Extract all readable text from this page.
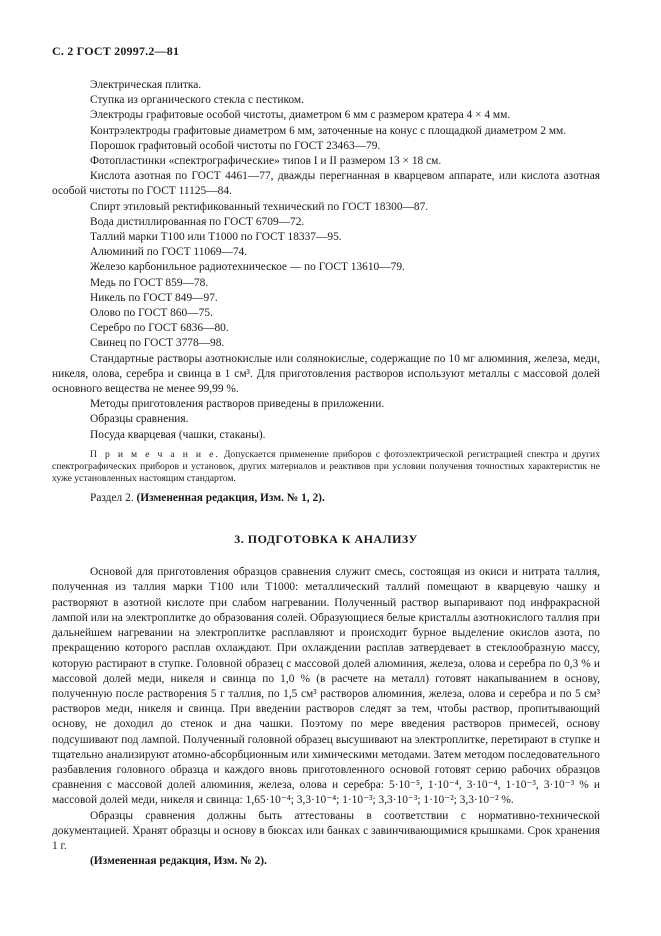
С. 2 ГОСТ 20997.2—81

Электрическая плитка.

Ступка из органического стекла с пестиком.

Электроды графитовые особой чистоты, диаметром 6 мм с размером кратера 4 × 4 мм.

Контрэлектроды графитовые диаметром 6 мм, заточенные на конус с площадкой диаметром 2 мм.

Порошок графитовый особой чистоты по ГОСТ 23463—79.

Фотопластинки «спектрографические» типов I и II размером 13 × 18 см.

Кислота азотная по ГОСТ 4461—77, дважды перегнанная в кварцевом аппарате, или кислота азотная особой чистоты по ГОСТ 11125—84.

Спирт этиловый ректификованный технический по ГОСТ 18300—87.

Вода дистиллированная по ГОСТ 6709—72.

Таллий марки Т100 или Т1000 по ГОСТ 18337—95.

Алюминий по ГОСТ 11069—74.

Железо карбонильное радиотехническое — по ГОСТ 13610—79.

Медь по ГОСТ 859—78.

Никель по ГОСТ 849—97.

Олово по ГОСТ 860—75.

Серебро по ГОСТ 6836—80.

Свинец по ГОСТ 3778—98.

Стандартные растворы азотнокислые или солянокислые, содержащие по 10 мг алюминия, железа, меди, никеля, олова, серебра и свинца в 1 см³. Для приготовления растворов используют металлы с массовой долей основного вещества не менее 99,99 %.

Методы приготовления растворов приведены в приложении.

Образцы сравнения.

Посуда кварцевая (чашки, стаканы).

П р и м е ч а н и е. Допускается применение приборов с фотоэлектрической регистрацией спектра и других спектрографических приборов и установок, других материалов и реактивов при условии получения точностных характеристик не хуже установленных настоящим стандартом.

Раздел 2. (Измененная редакция, Изм. № 1, 2).

3. ПОДГОТОВКА К АНАЛИЗУ

Основой для приготовления образцов сравнения служит смесь, состоящая из окиси и нитрата таллия, полученная из таллия марки Т100 или Т1000: металлический таллий помещают в кварцевую чашку и растворяют в азотной кислоте при слабом нагревании. Полученный раствор выпаривают под инфракрасной лампой или на электроплитке до образования солей. Образующиеся белые кристаллы азотнокислого таллия при дальнейшем нагревании на электроплитке расплавляют и происходит бурное выделение окислов азота, по прекращению которого расплав охлаждают. При охлаждении расплав затвердевает в стеклообразную массу, которую растирают в ступке. Головной образец с массовой долей алюминия, железа, олова и серебра по 0,3 % и массовой долей меди, никеля и свинца по 1,0 % (в расчете на металл) готовят накапыванием в основу, полученную после растворения 5 г таллия, по 1,5 см³ растворов алюминия, железа, олова и серебра и по 5 см³ растворов меди, никеля и свинца. При введении растворов следят за тем, чтобы раствор, пропитывающий основу, не доходил до стенок и дна чашки. Поэтому по мере введения растворов примесей, основу подсушивают под лампой. Полученный головной образец высушивают на электроплитке, перетирают в ступке и тщательно анализируют атомно-абсорбционным или химическими методами. Затем методом последовательного разбавления головного образца и каждого вновь приготовленного основой готовят серию рабочих образцов сравнения с массовой долей алюминия, железа, олова и серебра: 5·10⁻⁵, 1·10⁻⁴, 3·10⁻⁴, 1·10⁻³, 3·10⁻³ % и массовой долей меди, никеля и свинца: 1,65·10⁻⁴; 3,3·10⁻⁴; 1·10⁻³; 3,3·10⁻³; 1·10⁻²; 3,3·10⁻² %.

Образцы сравнения должны быть аттестованы в соответствии с нормативно-технической документацией. Хранят образцы и основу в бюксах или банках с завинчивающимися крышками. Срок хранения 1 г.

(Измененная редакция, Изм. № 2).
